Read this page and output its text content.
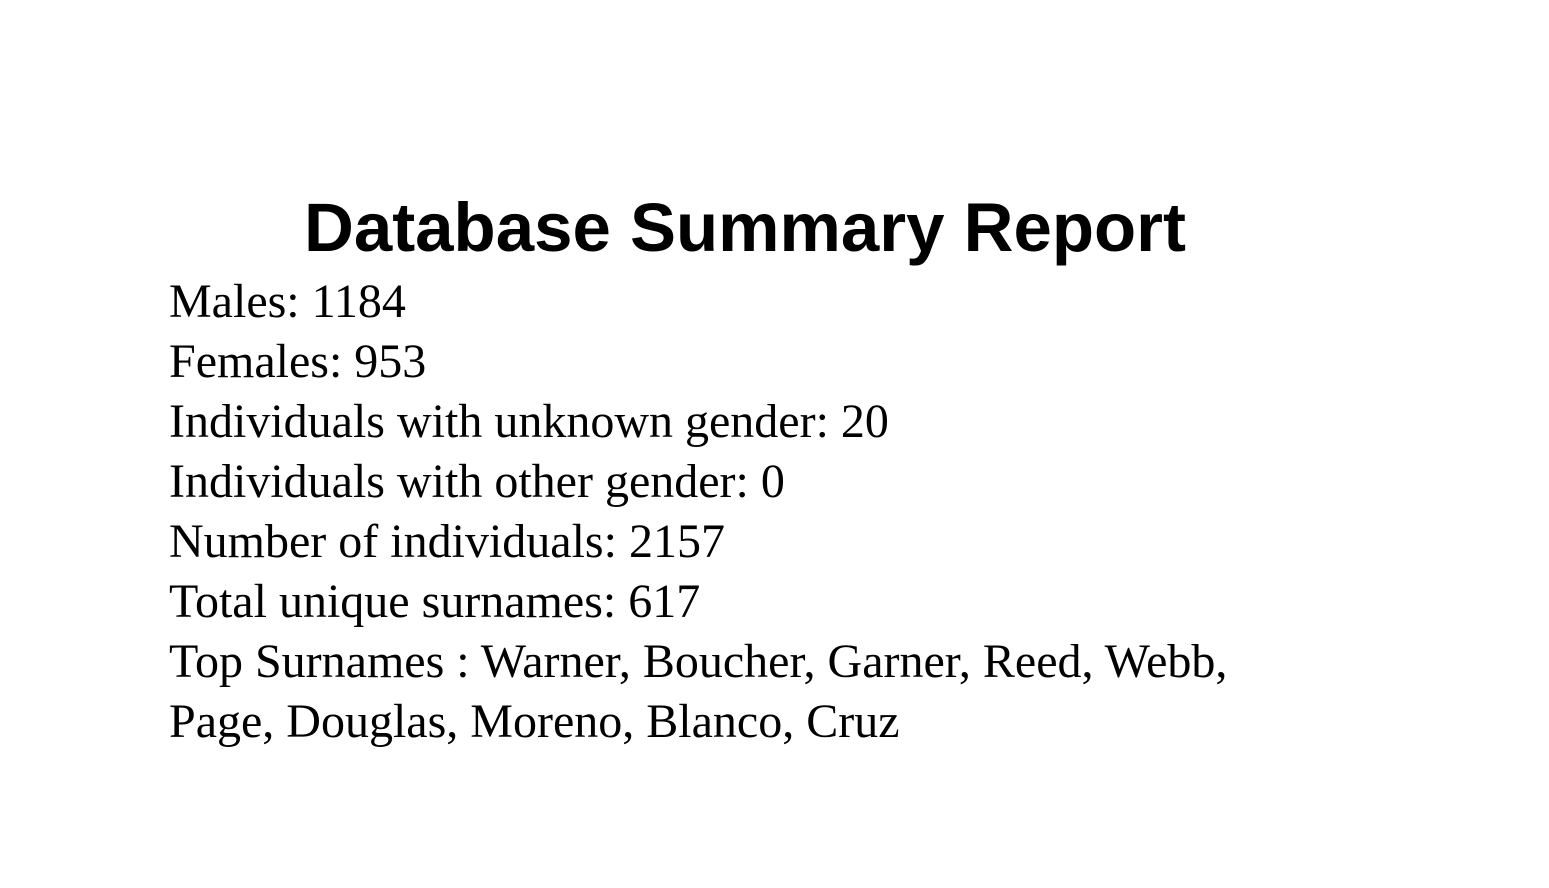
Database Summary Report
Males: 1184
Females: 953
Individuals with unknown gender: 20
Individuals with other gender: 0
Number of individuals: 2157
Total unique surnames: 617
Top Surnames : Warner, Boucher, Garner, Reed, Webb,
Page, Douglas, Moreno, Blanco, Cruz
